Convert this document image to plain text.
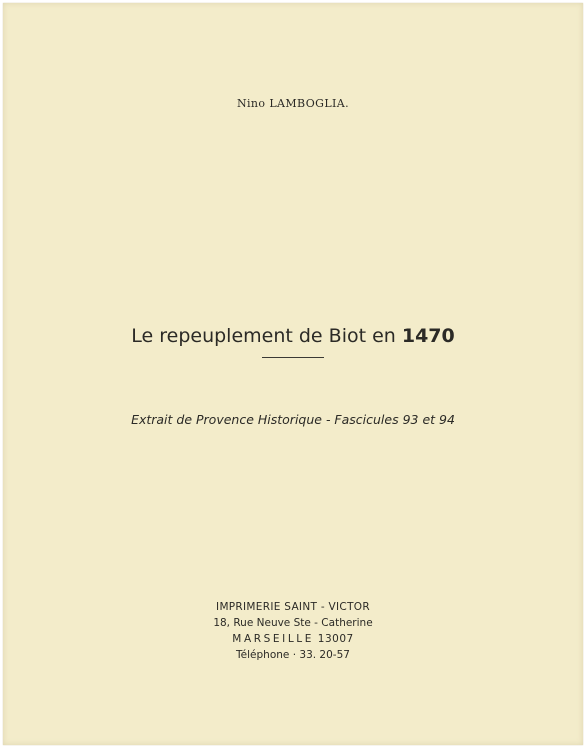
Nino LAMBOGLIA.
Le repeuplement de Biot en 1470
Extrait de Provence Historique - Fascicules 93 et 94
IMPRIMERIE SAINT - VICTOR
18, Rue Neuve Ste - Catherine
MARSEILLE 13007
Téléphone · 33. 20-57
